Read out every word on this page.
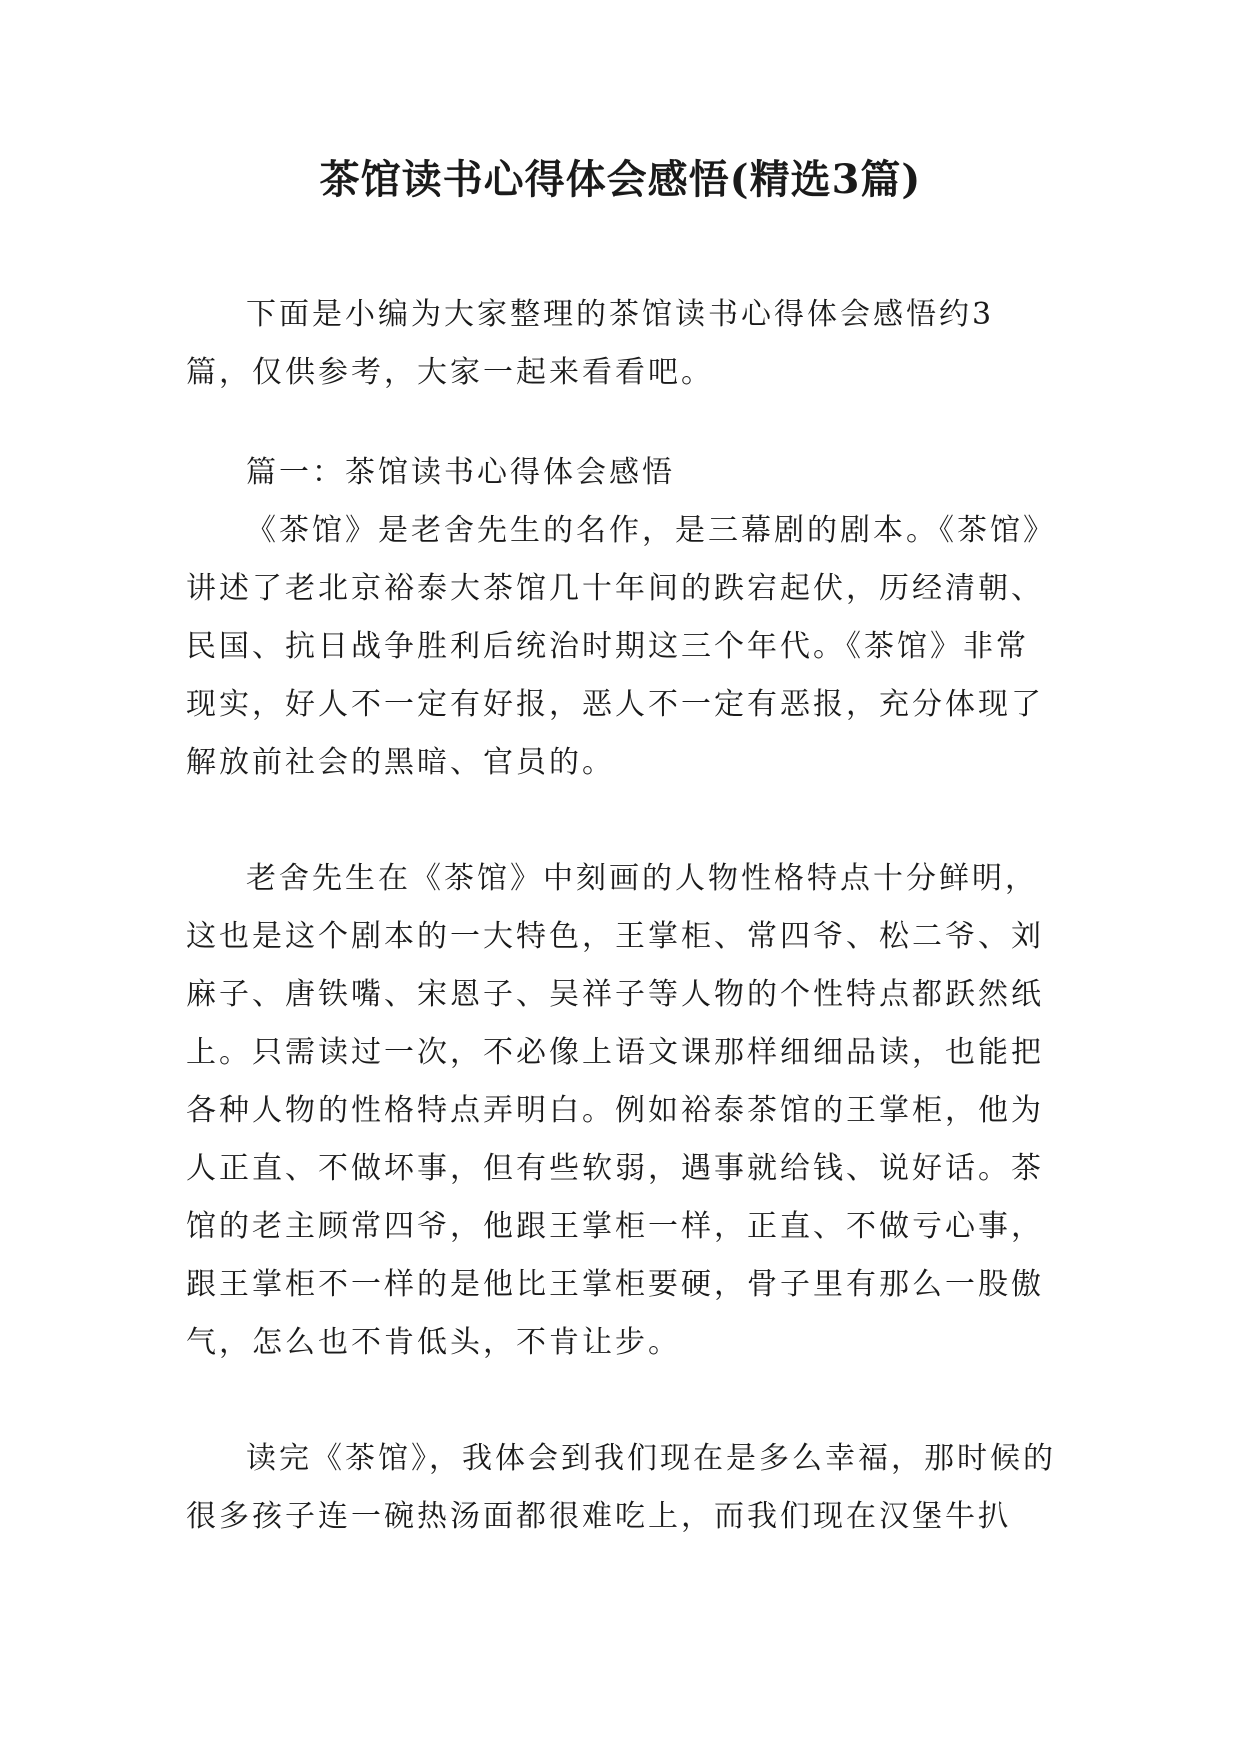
茶馆读书心得体会感悟(精选3篇)

下面是小编为大家整理的茶馆读书心得体会感悟约3篇，仅供参考，大家一起来看看吧。

篇一：茶馆读书心得体会感悟

《茶馆》是老舍先生的名作，是三幕剧的剧本。《茶馆》讲述了老北京裕泰大茶馆几十年间的跌宕起伏，历经清朝、民国、抗日战争胜利后统治时期这三个年代。《茶馆》非常现实，好人不一定有好报，恶人不一定有恶报，充分体现了解放前社会的黑暗、官员的。

老舍先生在《茶馆》中刻画的人物性格特点十分鲜明，这也是这个剧本的一大特色，王掌柜、常四爷、松二爷、刘麻子、唐铁嘴、宋恩子、吴祥子等人物的个性特点都跃然纸上。只需读过一次，不必像上语文课那样细细品读，也能把各种人物的性格特点弄明白。例如裕泰茶馆的王掌柜，他为人正直、不做坏事，但有些软弱，遇事就给钱、说好话。茶馆的老主顾常四爷，他跟王掌柜一样，正直、不做亏心事，跟王掌柜不一样的是他比王掌柜要硬，骨子里有那么一股傲气，怎么也不肯低头，不肯让步。

读完《茶馆》，我体会到我们现在是多么幸福，那时候的很多孩子连一碗热汤面都很难吃上，而我们现在汉堡牛扒
